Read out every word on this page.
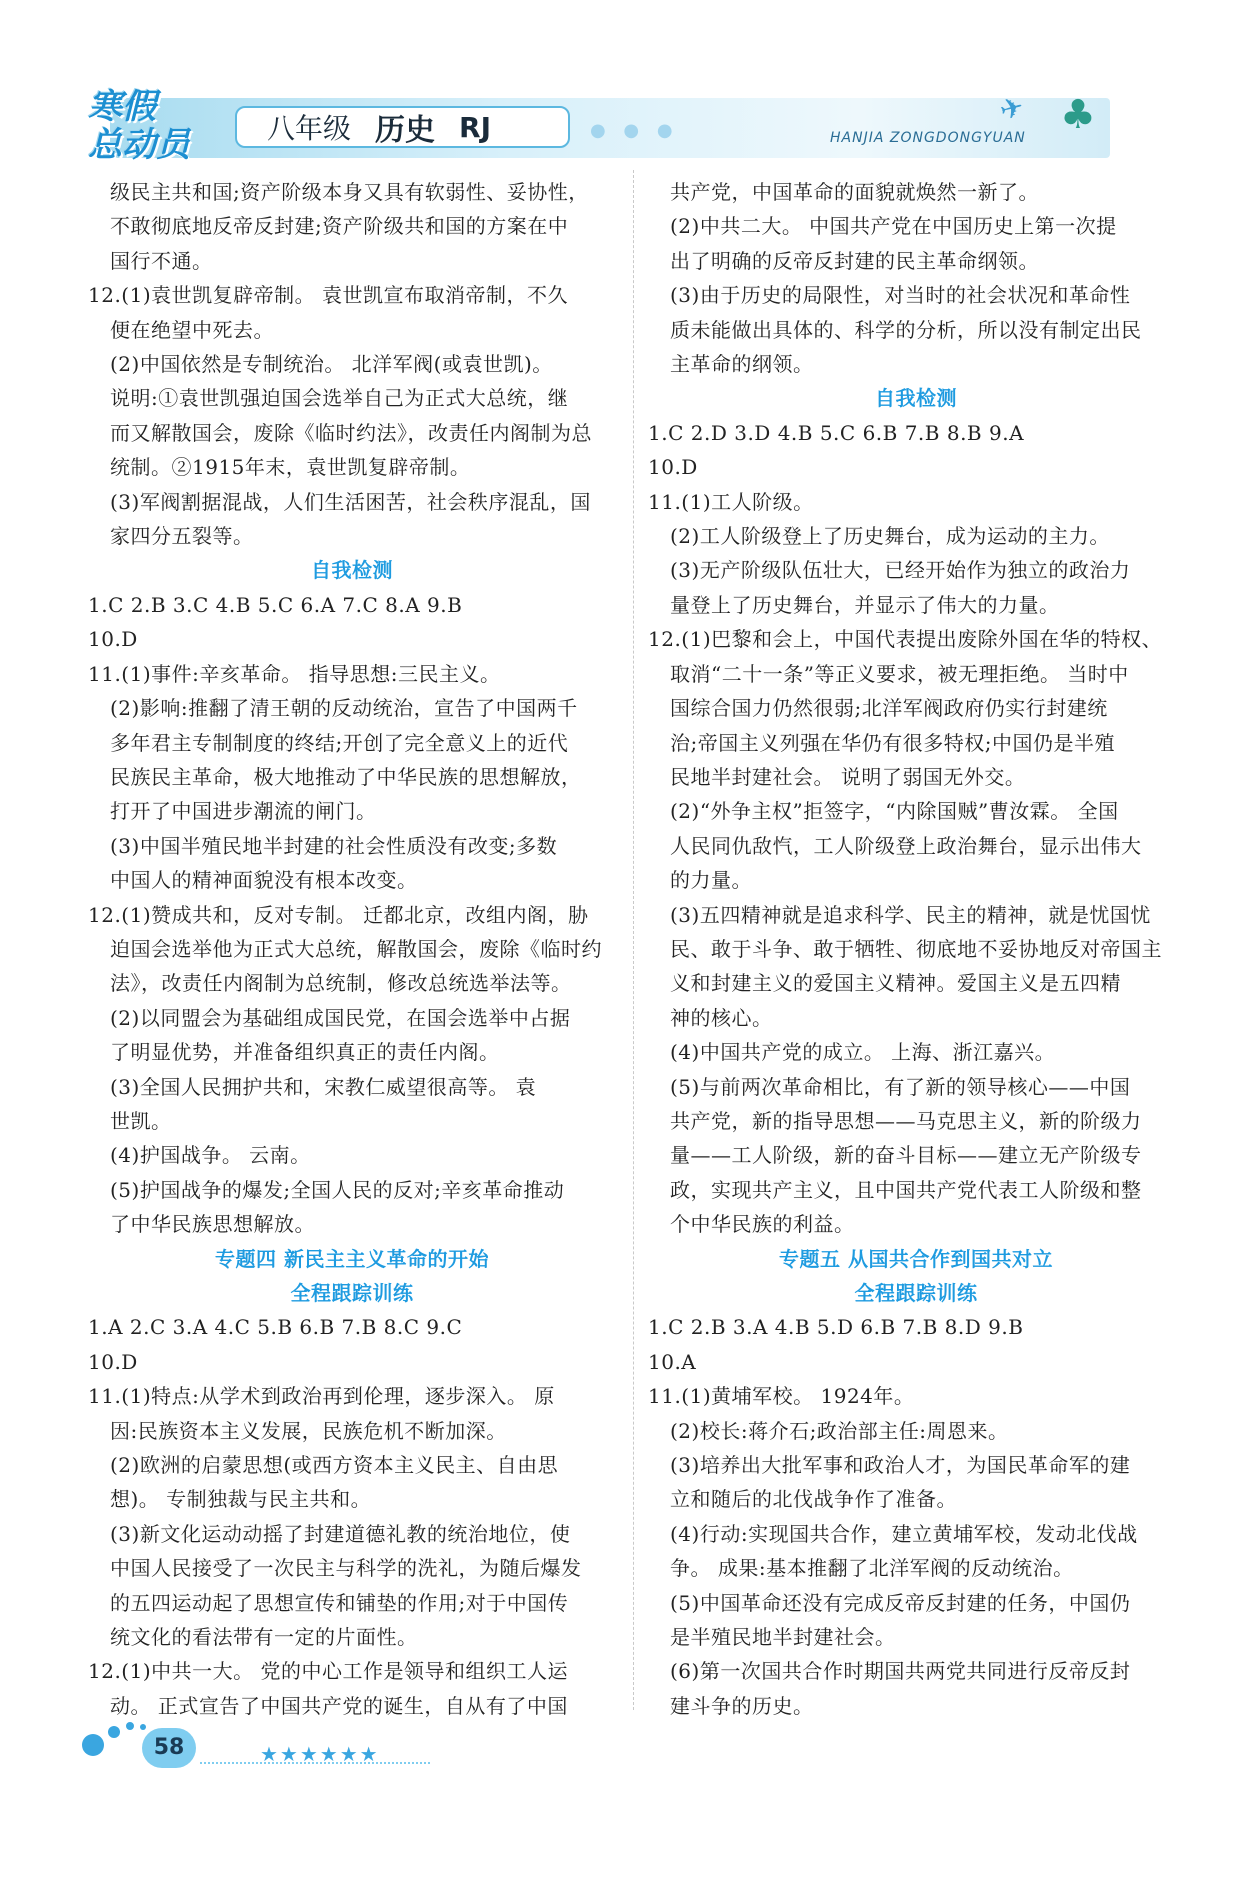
寒假
总动员	八年级 历史 RJ	● ● ●	HANJIA ZONGDONGYUAN
✈ ♣
级民主共和国;资产阶级本身又具有软弱性、妥协性，
不敢彻底地反帝反封建;资产阶级共和国的方案在中
国行不通。
12.(1)袁世凯复辟帝制。 袁世凯宣布取消帝制，不久
便在绝望中死去。
(2)中国依然是专制统治。 北洋军阀(或袁世凯)。
说明:①袁世凯强迫国会选举自己为正式大总统，继
而又解散国会，废除《临时约法》，改责任内阁制为总
统制。②1915年末，袁世凯复辟帝制。
(3)军阀割据混战，人们生活困苦，社会秩序混乱，国
家四分五裂等。
自我检测
1.C 2.B 3.C 4.B 5.C 6.A 7.C 8.A 9.B
10.D
11.(1)事件:辛亥革命。 指导思想:三民主义。
(2)影响:推翻了清王朝的反动统治，宣告了中国两千
多年君主专制制度的终结;开创了完全意义上的近代
民族民主革命，极大地推动了中华民族的思想解放，
打开了中国进步潮流的闸门。
(3)中国半殖民地半封建的社会性质没有改变;多数
中国人的精神面貌没有根本改变。
12.(1)赞成共和，反对专制。 迁都北京，改组内阁，胁
迫国会选举他为正式大总统，解散国会，废除《临时约
法》，改责任内阁制为总统制，修改总统选举法等。
(2)以同盟会为基础组成国民党，在国会选举中占据
了明显优势，并准备组织真正的责任内阁。
(3)全国人民拥护共和，宋教仁威望很高等。 袁
世凯。
(4)护国战争。 云南。
(5)护国战争的爆发;全国人民的反对;辛亥革命推动
了中华民族思想解放。
专题四 新民主主义革命的开始
全程跟踪训练
1.A 2.C 3.A 4.C 5.B 6.B 7.B 8.C 9.C
10.D
11.(1)特点:从学术到政治再到伦理，逐步深入。 原
因:民族资本主义发展，民族危机不断加深。
(2)欧洲的启蒙思想(或西方资本主义民主、自由思
想)。 专制独裁与民主共和。
(3)新文化运动动摇了封建道德礼教的统治地位，使
中国人民接受了一次民主与科学的洗礼，为随后爆发
的五四运动起了思想宣传和铺垫的作用;对于中国传
统文化的看法带有一定的片面性。
12.(1)中共一大。 党的中心工作是领导和组织工人运
动。 正式宣告了中国共产党的诞生，自从有了中国
共产党，中国革命的面貌就焕然一新了。
(2)中共二大。 中国共产党在中国历史上第一次提
出了明确的反帝反封建的民主革命纲领。
(3)由于历史的局限性，对当时的社会状况和革命性
质未能做出具体的、科学的分析，所以没有制定出民
主革命的纲领。
自我检测
1.C 2.D 3.D 4.B 5.C 6.B 7.B 8.B 9.A
10.D
11.(1)工人阶级。
(2)工人阶级登上了历史舞台，成为运动的主力。
(3)无产阶级队伍壮大，已经开始作为独立的政治力
量登上了历史舞台，并显示了伟大的力量。
12.(1)巴黎和会上，中国代表提出废除外国在华的特权、
取消“二十一条”等正义要求，被无理拒绝。 当时中
国综合国力仍然很弱;北洋军阀政府仍实行封建统
治;帝国主义列强在华仍有很多特权;中国仍是半殖
民地半封建社会。 说明了弱国无外交。
(2)“外争主权”拒签字，“内除国贼”曹汝霖。 全国
人民同仇敌忾，工人阶级登上政治舞台，显示出伟大
的力量。
(3)五四精神就是追求科学、民主的精神，就是忧国忧
民、敢于斗争、敢于牺牲、彻底地不妥协地反对帝国主
义和封建主义的爱国主义精神。爱国主义是五四精
神的核心。
(4)中国共产党的成立。 上海、浙江嘉兴。
(5)与前两次革命相比，有了新的领导核心——中国
共产党，新的指导思想——马克思主义，新的阶级力
量——工人阶级，新的奋斗目标——建立无产阶级专
政，实现共产主义，且中国共产党代表工人阶级和整
个中华民族的利益。
专题五 从国共合作到国共对立
全程跟踪训练
1.C 2.B 3.A 4.B 5.D 6.B 7.B 8.D 9.B
10.A
11.(1)黄埔军校。 1924年。
(2)校长:蒋介石;政治部主任:周恩来。
(3)培养出大批军事和政治人才，为国民革命军的建
立和随后的北伐战争作了准备。
(4)行动:实现国共合作，建立黄埔军校，发动北伐战
争。 成果:基本推翻了北洋军阀的反动统治。
(5)中国革命还没有完成反帝反封建的任务，中国仍
是半殖民地半封建社会。
(6)第一次国共合作时期国共两党共同进行反帝反封
建斗争的历史。
58	★★★★★★
